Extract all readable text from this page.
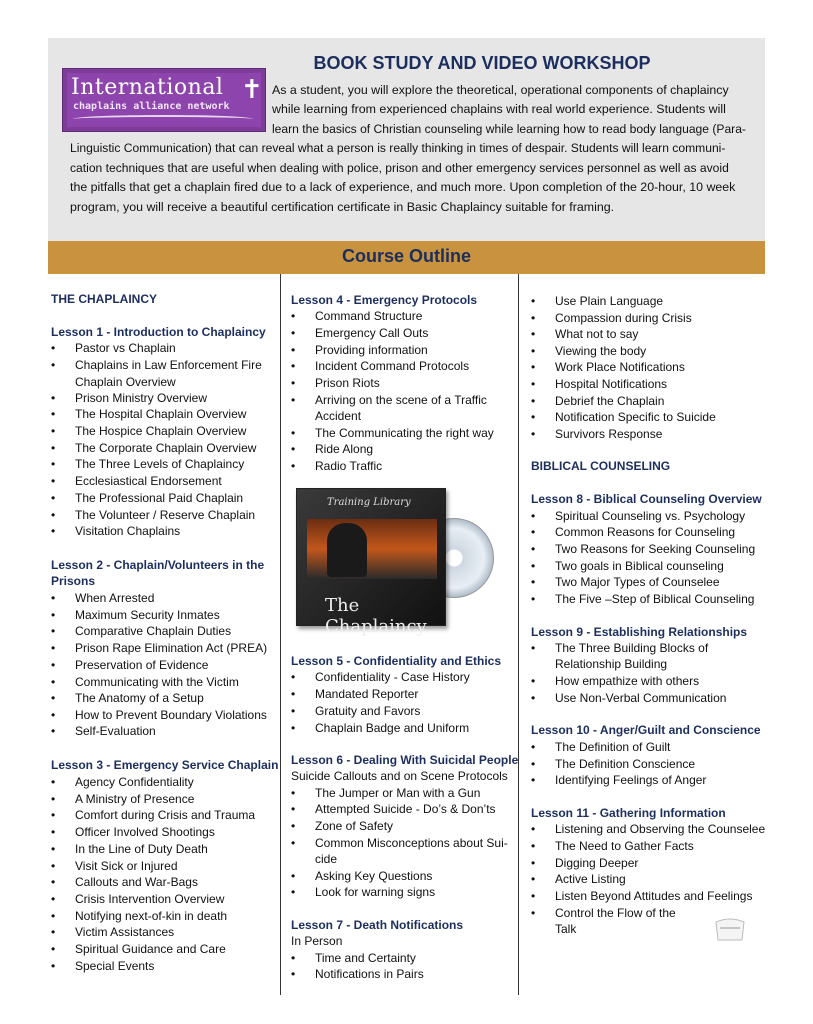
International
chaplains alliance network
✝
BOOK STUDY AND VIDEO WORKSHOP
As a student, you will explore the theoretical, operational components of chaplaincy
while learning from experienced chaplains with real world experience. Students will
learn the basics of Christian counseling while learning how to read body language (Para-
Linguistic Communication) that can reveal what a person is really thinking in times of despair. Students will learn communi-
cation techniques that are useful when dealing with police, prison and other emergency services personnel as well as avoid
the pitfalls that get a chaplain fired due to a lack of experience, and much more. Upon completion of the 20-hour, 10 week
program, you will receive a beautiful certification certificate in Basic Chaplaincy suitable for framing.
Course Outline
THE CHAPLAINCY
Lesson 1 - Introduction to Chaplaincy
• Pastor vs Chaplain
• Chaplains in Law Enforcement Fire
Chaplain Overview
• Prison Ministry Overview
• The Hospital Chaplain Overview
• The Hospice Chaplain Overview
• The Corporate Chaplain Overview
• The Three Levels of Chaplaincy
• Ecclesiastical Endorsement
• The Professional Paid Chaplain
• The Volunteer / Reserve Chaplain
• Visitation Chaplains
Lesson 2 - Chaplain/Volunteers in the
Prisons
• When Arrested
• Maximum Security Inmates
• Comparative Chaplain Duties
• Prison Rape Elimination Act (PREA)
• Preservation of Evidence
• Communicating with the Victim
• The Anatomy of a Setup
• How to Prevent Boundary Violations
• Self-Evaluation
Lesson 3 - Emergency Service Chaplain
• Agency Confidentiality
• A Ministry of Presence
• Comfort during Crisis and Trauma
• Officer Involved Shootings
• In the Line of Duty Death
• Visit Sick or Injured
• Callouts and War-Bags
• Crisis Intervention Overview
• Notifying next-of-kin in death
• Victim Assistances
• Spiritual Guidance and Care
• Special Events
Lesson 4 - Emergency Protocols
• Command Structure
• Emergency Call Outs
• Providing information
• Incident Command Protocols
• Prison Riots
• Arriving on the scene of a Traffic
Accident
• The Communicating the right way
• Ride Along
• Radio Traffic
Lesson 5 - Confidentiality and Ethics
• Confidentiality - Case History
• Mandated Reporter
• Gratuity and Favors
• Chaplain Badge and Uniform
Lesson 6 - Dealing With Suicidal People
Suicide Callouts and on Scene Protocols
• The Jumper or Man with a Gun
• Attempted Suicide - Do’s & Don’ts
• Zone of Safety
• Common Misconceptions about Sui-
cide
• Asking Key Questions
• Look for warning signs
Lesson 7 - Death Notifications
In Person
• Time and Certainty
• Notifications in Pairs
• Use Plain Language
• Compassion during Crisis
• What not to say
• Viewing the body
• Work Place Notifications
• Hospital Notifications
• Debrief the Chaplain
• Notification Specific to Suicide
• Survivors Response
BIBLICAL COUNSELING
Lesson 8 - Biblical Counseling Overview
• Spiritual Counseling vs. Psychology
• Common Reasons for Counseling
• Two Reasons for Seeking Counseling
• Two goals in Biblical counseling
• Two Major Types of Counselee
• The Five –Step of Biblical Counseling
Lesson 9 - Establishing Relationships
• The Three Building Blocks of
Relationship Building
• How empathize with others
• Use Non-Verbal Communication
Lesson 10 - Anger/Guilt and Conscience
• The Definition of Guilt
• The Definition Conscience
• Identifying Feelings of Anger
Lesson 11 - Gathering Information
• Listening and Observing the Counselee
• The Need to Gather Facts
• Digging Deeper
• Active Listing
• Listen Beyond Attitudes and Feelings
• Control the Flow of the
Talk
Training Library
The Chaplaincy
